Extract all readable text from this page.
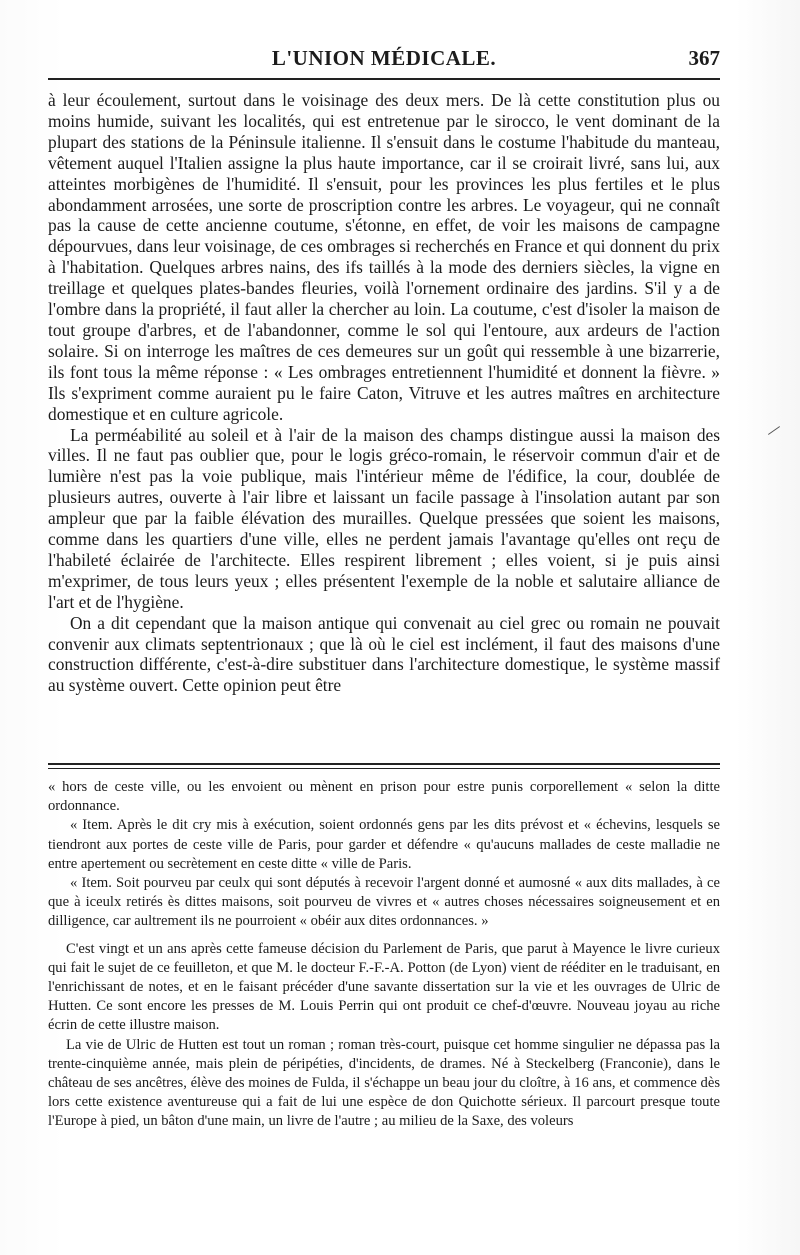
L'UNION MÉDICALE.	367

à leur écoulement, surtout dans le voisinage des deux mers. De là cette constitution plus ou moins humide, suivant les localités, qui est entretenue par le sirocco, le vent dominant de la plupart des stations de la Péninsule italienne. Il s'ensuit dans le costume l'habitude du manteau, vêtement auquel l'Italien assigne la plus haute importance, car il se croirait livré, sans lui, aux atteintes morbigènes de l'humidité. Il s'ensuit, pour les provinces les plus fertiles et le plus abondamment arrosées, une sorte de proscription contre les arbres. Le voyageur, qui ne connaît pas la cause de cette ancienne coutume, s'étonne, en effet, de voir les maisons de campagne dépourvues, dans leur voisinage, de ces ombrages si recherchés en France et qui donnent du prix à l'habitation. Quelques arbres nains, des ifs taillés à la mode des derniers siècles, la vigne en treillage et quelques plates-bandes fleuries, voilà l'ornement ordinaire des jardins. S'il y a de l'ombre dans la propriété, il faut aller la chercher au loin. La coutume, c'est d'isoler la maison de tout groupe d'arbres, et de l'abandonner, comme le sol qui l'entoure, aux ardeurs de l'action solaire. Si on interroge les maîtres de ces demeures sur un goût qui ressemble à une bizarrerie, ils font tous la même réponse : « Les ombrages entretiennent l'humidité et donnent la fièvre. » Ils s'expriment comme auraient pu le faire Caton, Vitruve et les autres maîtres en architecture domestique et en culture agricole.

La perméabilité au soleil et à l'air de la maison des champs distingue aussi la maison des villes. Il ne faut pas oublier que, pour le logis gréco-romain, le réservoir commun d'air et de lumière n'est pas la voie publique, mais l'intérieur même de l'édifice, la cour, doublée de plusieurs autres, ouverte à l'air libre et laissant un facile passage à l'insolation autant par son ampleur que par la faible élévation des murailles. Quelque pressées que soient les maisons, comme dans les quartiers d'une ville, elles ne perdent jamais l'avantage qu'elles ont reçu de l'habileté éclairée de l'architecte. Elles respirent librement ; elles voient, si je puis ainsi m'exprimer, de tous leurs yeux ; elles présentent l'exemple de la noble et salutaire alliance de l'art et de l'hygiène.

On a dit cependant que la maison antique qui convenait au ciel grec ou romain ne pouvait convenir aux climats septentrionaux ; que là où le ciel est inclément, il faut des maisons d'une construction différente, c'est-à-dire substituer dans l'architecture domestique, le système massif au système ouvert. Cette opinion peut être

« hors de ceste ville, ou les envoient ou mènent en prison pour estre punis corporellement « selon la ditte ordonnance.

« Item. Après le dit cry mis à exécution, soient ordonnés gens par les dits prévost et « échevins, lesquels se tiendront aux portes de ceste ville de Paris, pour garder et défendre « qu'aucuns mallades de ceste malladie ne entre apertement ou secrètement en ceste ditte « ville de Paris.

« Item. Soit pourveu par ceulx qui sont députés à recevoir l'argent donné et aumosné « aux dits mallades, à ce que à iceulx retirés ès dittes maisons, soit pourveu de vivres et « autres choses nécessaires soigneusement et en dilligence, car aultrement ils ne pourroient « obéir aux dites ordonnances. »

C'est vingt et un ans après cette fameuse décision du Parlement de Paris, que parut à Mayence le livre curieux qui fait le sujet de ce feuilleton, et que M. le docteur F.-F.-A. Potton (de Lyon) vient de rééditer en le traduisant, en l'enrichissant de notes, et en le faisant précéder d'une savante dissertation sur la vie et les ouvrages de Ulric de Hutten. Ce sont encore les presses de M. Louis Perrin qui ont produit ce chef-d'œuvre. Nouveau joyau au riche écrin de cette illustre maison.

La vie de Ulric de Hutten est tout un roman ; roman très-court, puisque cet homme singulier ne dépassa pas la trente-cinquième année, mais plein de péripéties, d'incidents, de drames. Né à Steckelberg (Franconie), dans le château de ses ancêtres, élève des moines de Fulda, il s'échappe un beau jour du cloître, à 16 ans, et commence dès lors cette existence aventureuse qui a fait de lui une espèce de don Quichotte sérieux. Il parcourt presque toute l'Europe à pied, un bâton d'une main, un livre de l'autre ; au milieu de la Saxe, des voleurs
